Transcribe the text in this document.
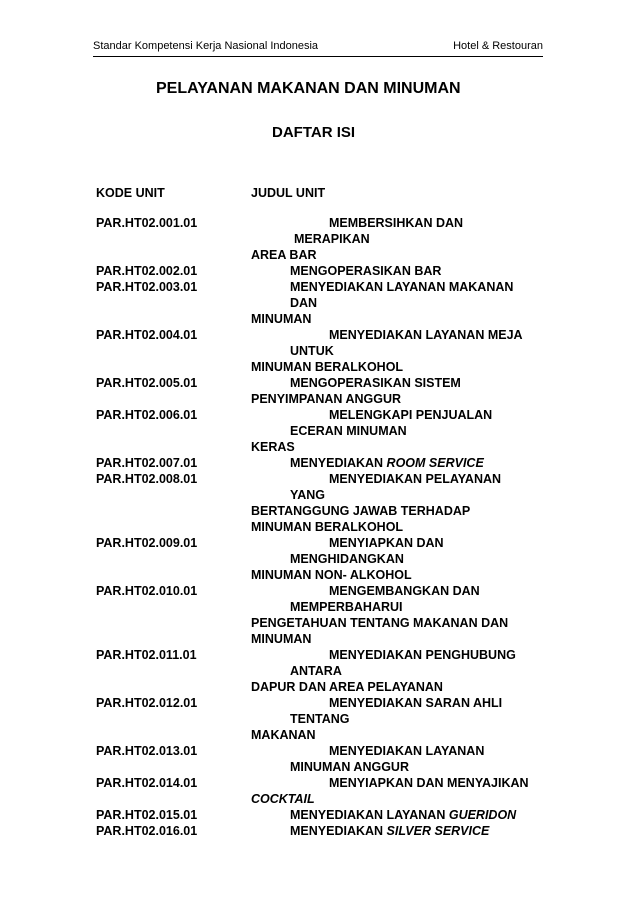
Standar Kompetensi Kerja Nasional Indonesia	Hotel & Restouran
PELAYANAN MAKANAN DAN MINUMAN
DAFTAR ISI
KODE UNIT	JUDUL UNIT
PAR.HT02.001.01	MEMBERSIHKAN DAN
MERAPIKAN
AREA BAR
PAR.HT02.002.01	MENGOPERASIKAN BAR
PAR.HT02.003.01	MENYEDIAKAN LAYANAN MAKANAN
DAN
MINUMAN
PAR.HT02.004.01	MENYEDIAKAN LAYANAN MEJA
UNTUK
MINUMAN BERALKOHOL
PAR.HT02.005.01	MENGOPERASIKAN SISTEM
PENYIMPANAN ANGGUR
PAR.HT02.006.01	MELENGKAPI PENJUALAN
ECERAN MINUMAN
KERAS
PAR.HT02.007.01	MENYEDIAKAN ROOM SERVICE
PAR.HT02.008.01	MENYEDIAKAN PELAYANAN
YANG
BERTANGGUNG JAWAB TERHADAP
MINUMAN BERALKOHOL
PAR.HT02.009.01	MENYIAPKAN DAN
MENGHIDANGKAN
MINUMAN NON- ALKOHOL
PAR.HT02.010.01	MENGEMBANGKAN DAN
MEMPERBAHARUI
PENGETAHUAN TENTANG MAKANAN DAN
MINUMAN
PAR.HT02.011.01	MENYEDIAKAN PENGHUBUNG
ANTARA
DAPUR DAN AREA PELAYANAN
PAR.HT02.012.01	MENYEDIAKAN SARAN AHLI
TENTANG
MAKANAN
PAR.HT02.013.01	MENYEDIAKAN LAYANAN
MINUMAN ANGGUR
PAR.HT02.014.01	MENYIAPKAN DAN MENYAJIKAN
COCKTAIL
PAR.HT02.015.01	MENYEDIAKAN LAYANAN GUERIDON
PAR.HT02.016.01	MENYEDIAKAN SILVER SERVICE
